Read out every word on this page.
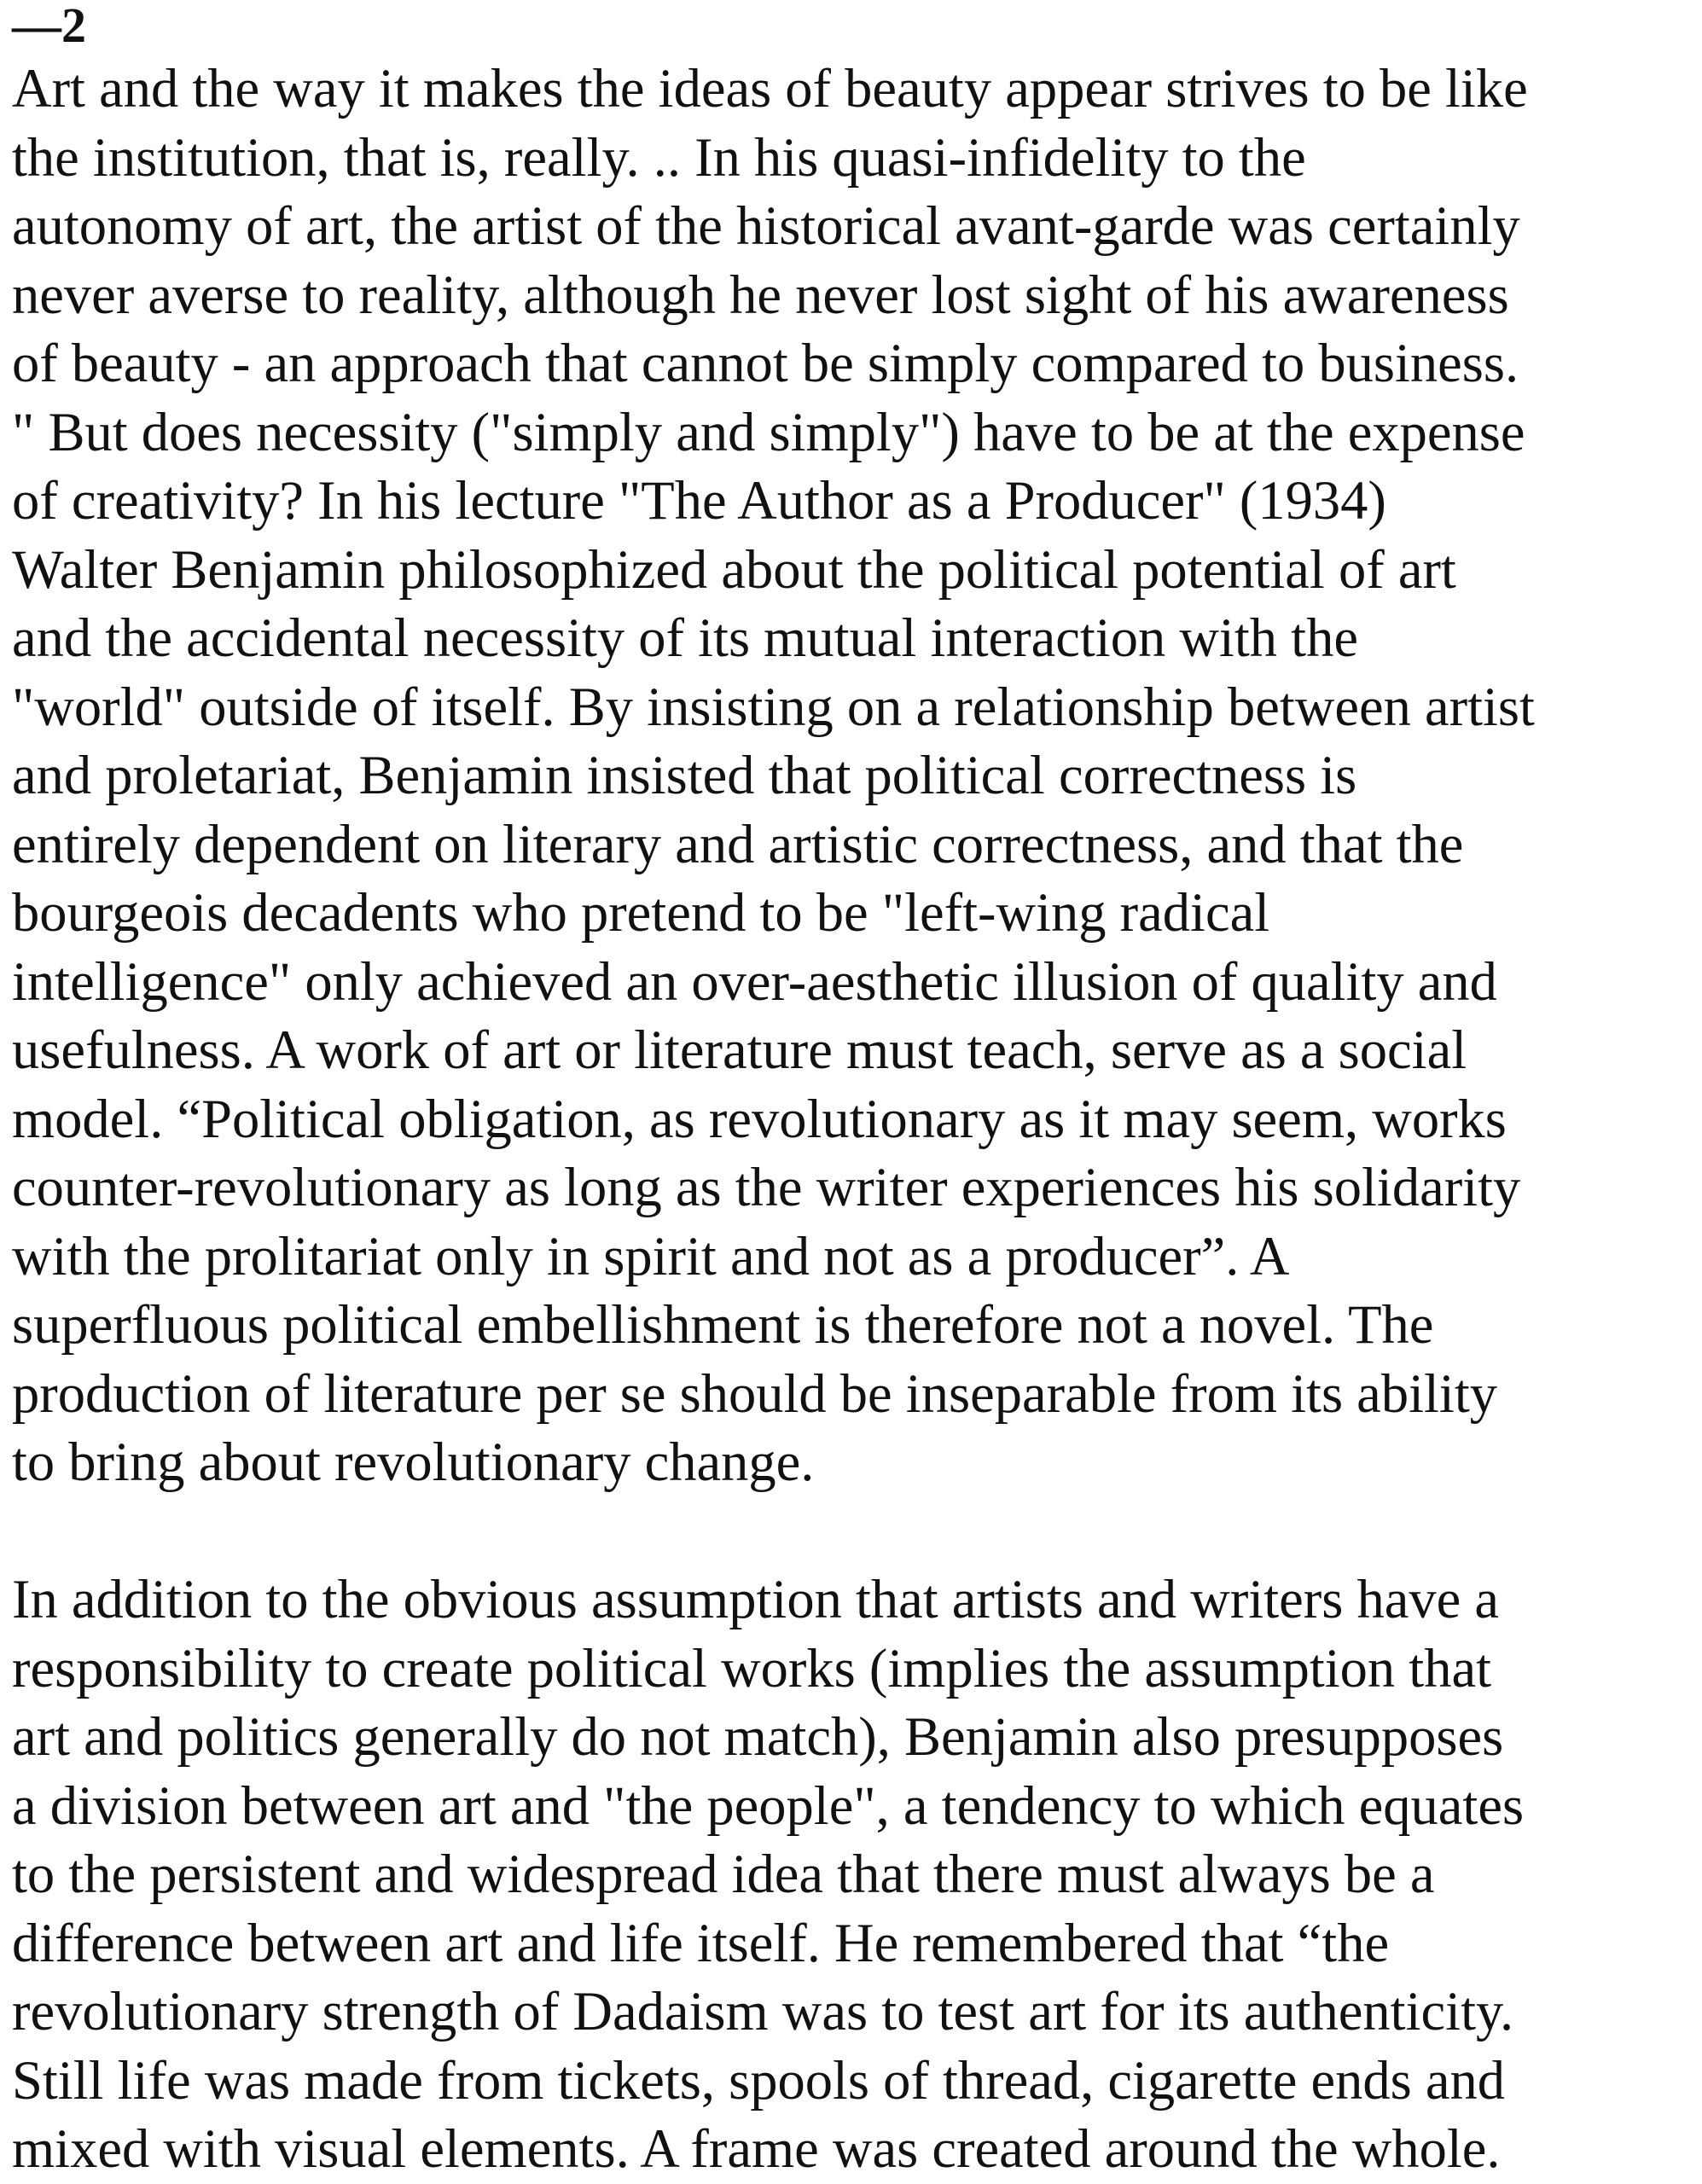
—2
Art and the way it makes the ideas of beauty appear strives to be like
the institution, that is, really. .. In his quasi-infidelity to the
autonomy of art, the artist of the historical avant-garde was certainly
never averse to reality, although he never lost sight of his awareness
of beauty - an approach that cannot be simply compared to business.
" But does necessity ("simply and simply") have to be at the expense
of creativity? In his lecture "The Author as a Producer" (1934)
Walter Benjamin philosophized about the political potential of art
and the accidental necessity of its mutual interaction with the
"world" outside of itself. By insisting on a relationship between artist
and proletariat, Benjamin insisted that political correctness is
entirely dependent on literary and artistic correctness, and that the
bourgeois decadents who pretend to be "left-wing radical
intelligence" only achieved an over-aesthetic illusion of quality and
usefulness. A work of art or literature must teach, serve as a social
model. “Political obligation, as revolutionary as it may seem, works
counter-revolutionary as long as the writer experiences his solidarity
with the prolitariat only in spirit and not as a producer”. A
superfluous political embellishment is therefore not a novel. The
production of literature per se should be inseparable from its ability
to bring about revolutionary change.
In addition to the obvious assumption that artists and writers have a
responsibility to create political works (implies the assumption that
art and politics generally do not match), Benjamin also presupposes
a division between art and "the people", a tendency to which equates
to the persistent and widespread idea that there must always be a
difference between art and life itself. He remembered that “the
revolutionary strength of Dadaism was to test art for its authenticity.
Still life was made from tickets, spools of thread, cigarette ends and
mixed with visual elements. A frame was created around the whole.
